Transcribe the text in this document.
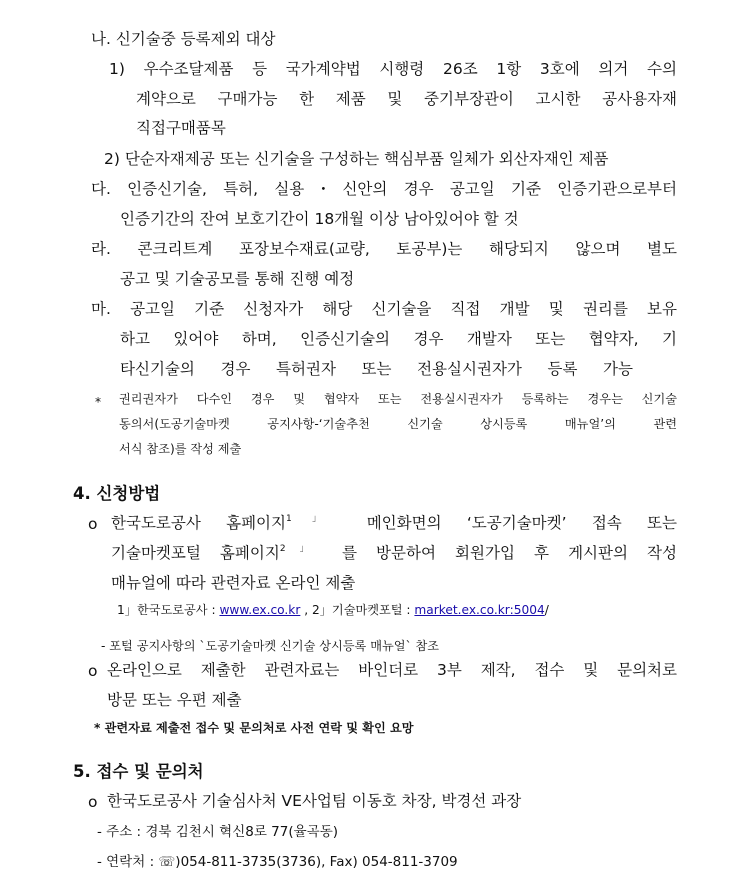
나. 신기술중 등록제외 대상
1) 우수조달제품 등 국가계약법 시행령 26조 1항 3호에 의거 수의
계약으로 구매가능 한 제품 및 중기부장관이 고시한 공사용자재
직접구매품목
2) 단순자재제공 또는 신기술을 구성하는 핵심부품 일체가 외산자재인 제품
다. 인증신기술, 특허, 실용・신안의 경우 공고일 기준 인증기관으로부터
인증기간의 잔여 보호기간이 18개월 이상 남아있어야 할 것
라. 콘크리트계 포장보수재료(교량, 토공부)는 해당되지 않으며 별도
공고 및 기술공모를 통해 진행 예정
마. 공고일 기준 신청자가 해당 신기술을 직접 개발 및 권리를 보유
하고 있어야 하며, 인증신기술의 경우 개발자 또는 협약자, 기
타신기술의 경우 특허권자 또는 전용실시권자가 등록 가능
* 권리권자가 다수인 경우 및 협약자 또는 전용실시권자가 등록하는 경우는 신기술
동의서(도공기술마켓 공지사항-‘기술추천 신기술 상시등록 매뉴얼’의 관련
서식 참조)를 작성 제출
4. 신청방법
o 한국도로공사 홈페이지$^{1」}$ 메인화면의 ‘도공기술마켓’ 접속 또는
기술마켓포털 홈페이지$^{2」}$ 를 방문하여 회원가입 후 게시판의 작성
매뉴얼에 따라 관련자료 온라인 제출
1」한국도로공사 : www.ex.co.kr , 2」기술마켓포털 : market.ex.co.kr:5004/
- 포털 공지사항의 `도공기술마켓 신기술 상시등록 매뉴얼` 참조
o 온라인으로 제출한 관련자료는 바인더로 3부 제작, 접수 및 문의처로
방문 또는 우편 제출
* 관련자료 제출전 접수 및 문의처로 사전 연락 및 확인 요망
5. 접수 및 문의처
o 한국도로공사 기술심사처 VE사업팀 이동호 차장, 박경선 과장
- 주소 : 경북 김천시 혁신8로 77(율곡동)
- 연락처 : ☏)054-811-3735(3736), Fax) 054-811-3709
